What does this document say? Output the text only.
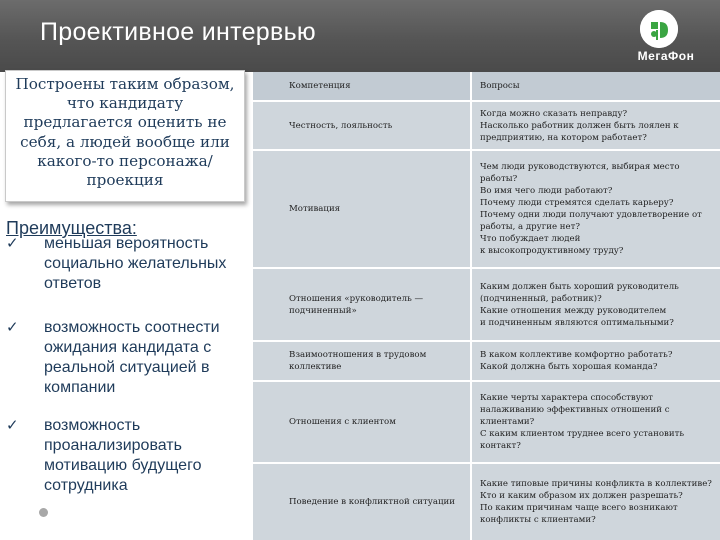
Проективное интервью
МегаФон
Построены таким образом, что кандидату предлагается оценить не себя, а людей вообще или какого-то персонажа/проекция
Преимущества:
✓ меньшая вероятность социально желательных ответов
✓ возможность соотнести ожидания кандидата с реальной ситуацией в компании
✓ возможность проанализировать мотивацию будущего сотрудника
Компетенция	Вопросы
Честность, лояльность
Когда можно сказать неправду?
Насколько работник должен быть лоялен к предприятию, на котором работает?
Мотивация
Чем люди руководствуются, выбирая место работы?
Во имя чего люди работают?
Почему люди стремятся сделать карьеру?
Почему одни люди получают удовлетворение от работы, а другие нет?
Что побуждает людей
к высокопродуктивному труду?
Отношения «руководитель — подчиненный»
Каким должен быть хороший руководитель (подчиненный, работник)?
Какие отношения между руководителем
и подчиненным являются оптимальными?
Взаимоотношения в трудовом коллективе
В каком коллективе комфортно работать?
Какой должна быть хорошая команда?
Отношения с клиентом
Какие черты характера способствуют налаживанию эффективных отношений с клиентами?
С каким клиентом труднее всего установить контакт?
Поведение в конфликтной ситуации
Какие типовые причины конфликта в коллективе? Кто и каким образом их должен разрешать?
По каким причинам чаще всего возникают конфликты с клиентами?
